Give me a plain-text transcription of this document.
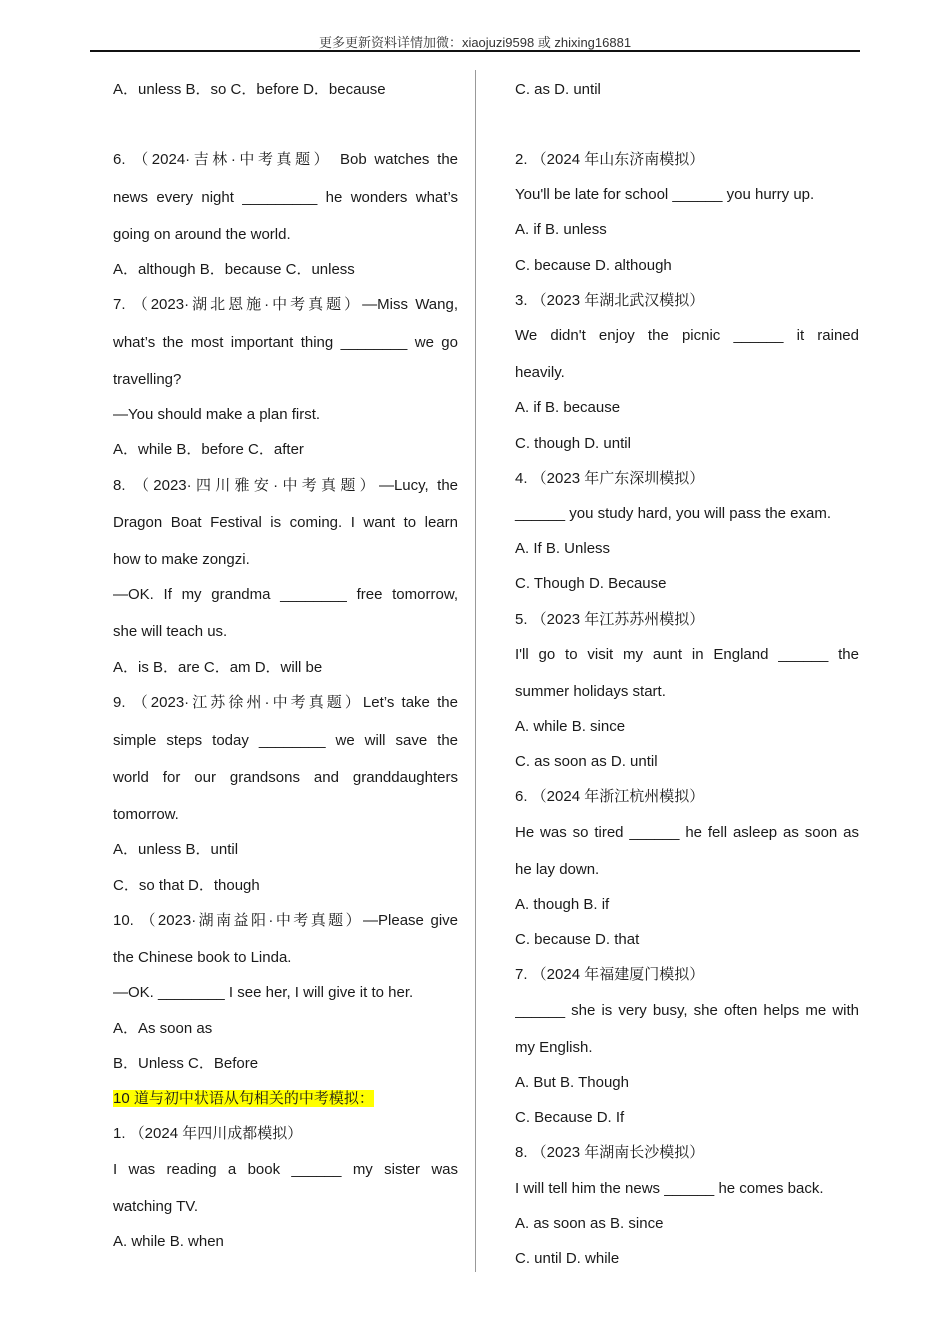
更多更新资料详情加微：xiaojuzi9598 或 zhixing16881
A．unless B．so C．before D．because
6. （2024·吉林·中考真题） Bob watches the
news every night _________ he wonders what’s
going on around the world.
A．although B．because C．unless
7. （2023·湖北恩施·中考真题）—Miss Wang,
what’s the most important thing ________ we go
travelling?
—You should make a plan first.
A．while B．before C．after
8. （2023·四川雅安·中考真题）—Lucy, the
Dragon Boat Festival is coming. I want to learn
how to make zongzi.
—OK. If my grandma ________ free tomorrow,
she will teach us.
A．is B．are C．am D．will be
9. （2023·江苏徐州·中考真题）Let’s take the
simple steps today ________ we will save the
world for our grandsons and granddaughters
tomorrow.
A．unless B．until
C．so that D．though
10. （2023·湖南益阳·中考真题）—Please give
the Chinese book to Linda.
—OK. ________ I see her, I will give it to her.
A．As soon as
B．Unless C．Before
10 道与初中状语从句相关的中考模拟：
1. （2024 年四川成都模拟）
I was reading a book ______ my sister was
watching TV.
A. while B. when
C. as D. until
2. （2024 年山东济南模拟）
You'll be late for school ______ you hurry up.
A. if B. unless
C. because D. although
3. （2023 年湖北武汉模拟）
We didn't enjoy the picnic ______ it rained
heavily.
A. if B. because
C. though D. until
4. （2023 年广东深圳模拟）
______ you study hard, you will pass the exam.
A. If B. Unless
C. Though D. Because
5. （2023 年江苏苏州模拟）
I'll go to visit my aunt in England ______ the
summer holidays start.
A. while B. since
C. as soon as D. until
6. （2024 年浙江杭州模拟）
He was so tired ______ he fell asleep as soon as
he lay down.
A. though B. if
C. because D. that
7. （2024 年福建厦门模拟）
______ she is very busy, she often helps me with
my English.
A. But B. Though
C. Because D. If
8. （2023 年湖南长沙模拟）
I will tell him the news ______ he comes back.
A. as soon as B. since
C. until D. while
